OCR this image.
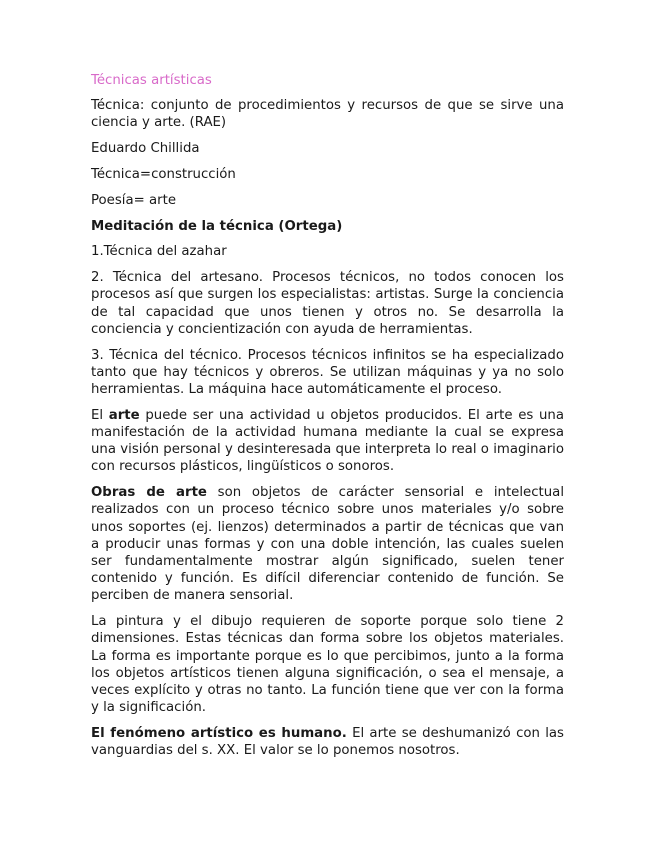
Técnicas artísticas

Técnica: conjunto de procedimientos y recursos de que se sirve una ciencia y arte. (RAE)

Eduardo Chillida

Técnica=construcción

Poesía= arte

Meditación de la técnica (Ortega)

1.Técnica del azahar

2. Técnica del artesano. Procesos técnicos, no todos conocen los procesos así que surgen los especialistas: artistas. Surge la conciencia de tal capacidad que unos tienen y otros no. Se desarrolla la conciencia y concientización con ayuda de herramientas.

3. Técnica del técnico. Procesos técnicos infinitos se ha especializado tanto que hay técnicos y obreros. Se utilizan máquinas y ya no solo herramientas. La máquina hace automáticamente el proceso.

El arte puede ser una actividad u objetos producidos. El arte es una manifestación de la actividad humana mediante la cual se expresa una visión personal y desinteresada que interpreta lo real o imaginario con recursos plásticos, lingüísticos o sonoros.

Obras de arte son objetos de carácter sensorial e intelectual realizados con un proceso técnico sobre unos materiales y/o sobre unos soportes (ej. lienzos) determinados a partir de técnicas que van a producir unas formas y con una doble intención, las cuales suelen ser fundamentalmente mostrar algún significado, suelen tener contenido y función. Es difícil diferenciar contenido de función. Se perciben de manera sensorial.

La pintura y el dibujo requieren de soporte porque solo tiene 2 dimensiones. Estas técnicas dan forma sobre los objetos materiales. La forma es importante porque es lo que percibimos, junto a la forma los objetos artísticos tienen alguna significación, o sea el mensaje, a veces explícito y otras no tanto. La función tiene que ver con la forma y la significación.

El fenómeno artístico es humano. El arte se deshumanizó con las vanguardias del s. XX. El valor se lo ponemos nosotros.
